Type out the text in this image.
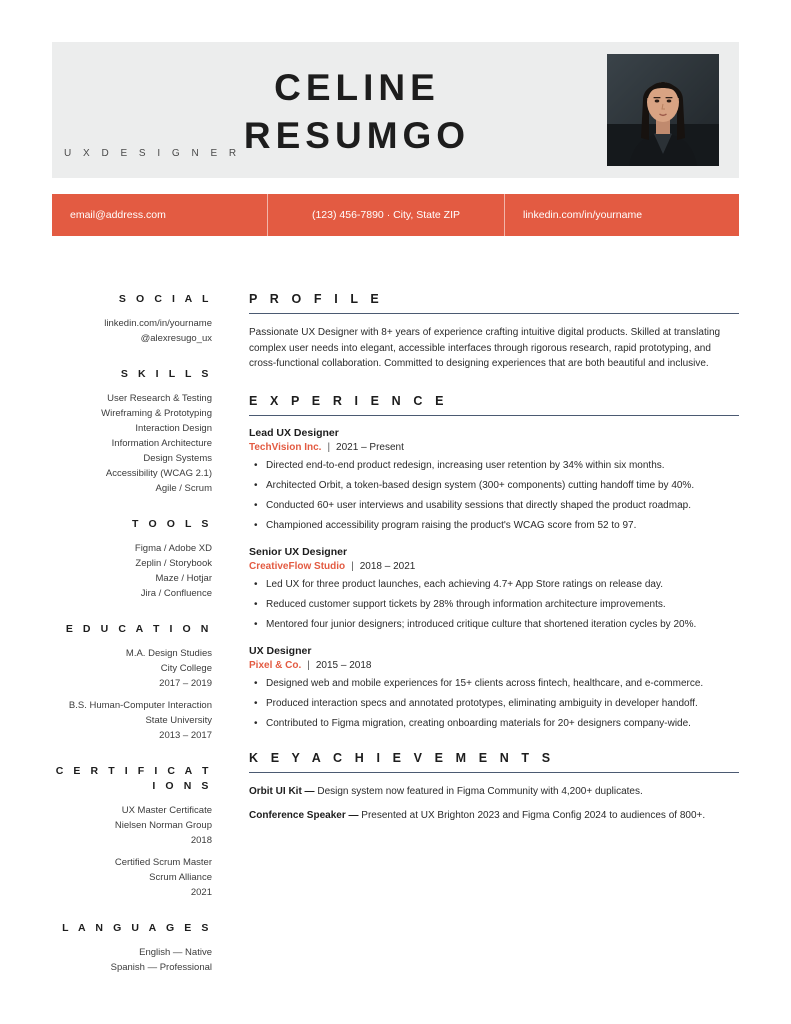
CELINE
RESUMGO
U X D E S I G N E R
email@address.com	(123) 456-7890 · City, State ZIP	linkedin.com/in/yourname
S O C I A L
linkedin.com/in/yourname
@alexresugo_ux
S K I L L S
User Research & Testing
Wireframing & Prototyping
Interaction Design
Information Architecture
Design Systems
Accessibility (WCAG 2.1)
Agile / Scrum
T O O L S
Figma / Adobe XD
Zeplin / Storybook
Maze / Hotjar
Jira / Confluence
E D U C A T I O N
M.A. Design Studies
City College
2017 – 2019
B.S. Human-Computer Interaction
State University
2013 – 2017
C E R T I F I C A T I O N S
UX Master Certificate
Nielsen Norman Group
2018
Certified Scrum Master
Scrum Alliance
2021
L A N G U A G E S
English — Native
Spanish — Professional
P R O F I L E
Passionate UX Designer with 8+ years of experience crafting intuitive digital products. Skilled at translating complex user needs into elegant, accessible interfaces through rigorous research, rapid prototyping, and cross-functional collaboration. Committed to designing experiences that are both beautiful and inclusive.
E X P E R I E N C E
Lead UX Designer
TechVision Inc. | 2021 – Present
• Directed end-to-end product redesign, increasing user retention by 34% within six months.
• Architected Orbit, a token-based design system (300+ components) cutting handoff time by 40%.
• Conducted 60+ user interviews and usability sessions that directly shaped the product roadmap.
• Championed accessibility program raising the product's WCAG score from 52 to 97.
Senior UX Designer
CreativeFlow Studio | 2018 – 2021
• Led UX for three product launches, each achieving 4.7+ App Store ratings on release day.
• Reduced customer support tickets by 28% through information architecture improvements.
• Mentored four junior designers; introduced critique culture that shortened iteration cycles by 20%.
UX Designer
Pixel & Co. | 2015 – 2018
• Designed web and mobile experiences for 15+ clients across fintech, healthcare, and e-commerce.
• Produced interaction specs and annotated prototypes, eliminating ambiguity in developer handoff.
• Contributed to Figma migration, creating onboarding materials for 20+ designers company-wide.
K E Y A C H I E V E M E N T S
Orbit UI Kit — Design system now featured in Figma Community with 4,200+ duplicates.
Conference Speaker — Presented at UX Brighton 2023 and Figma Config 2024 to audiences of 800+.
